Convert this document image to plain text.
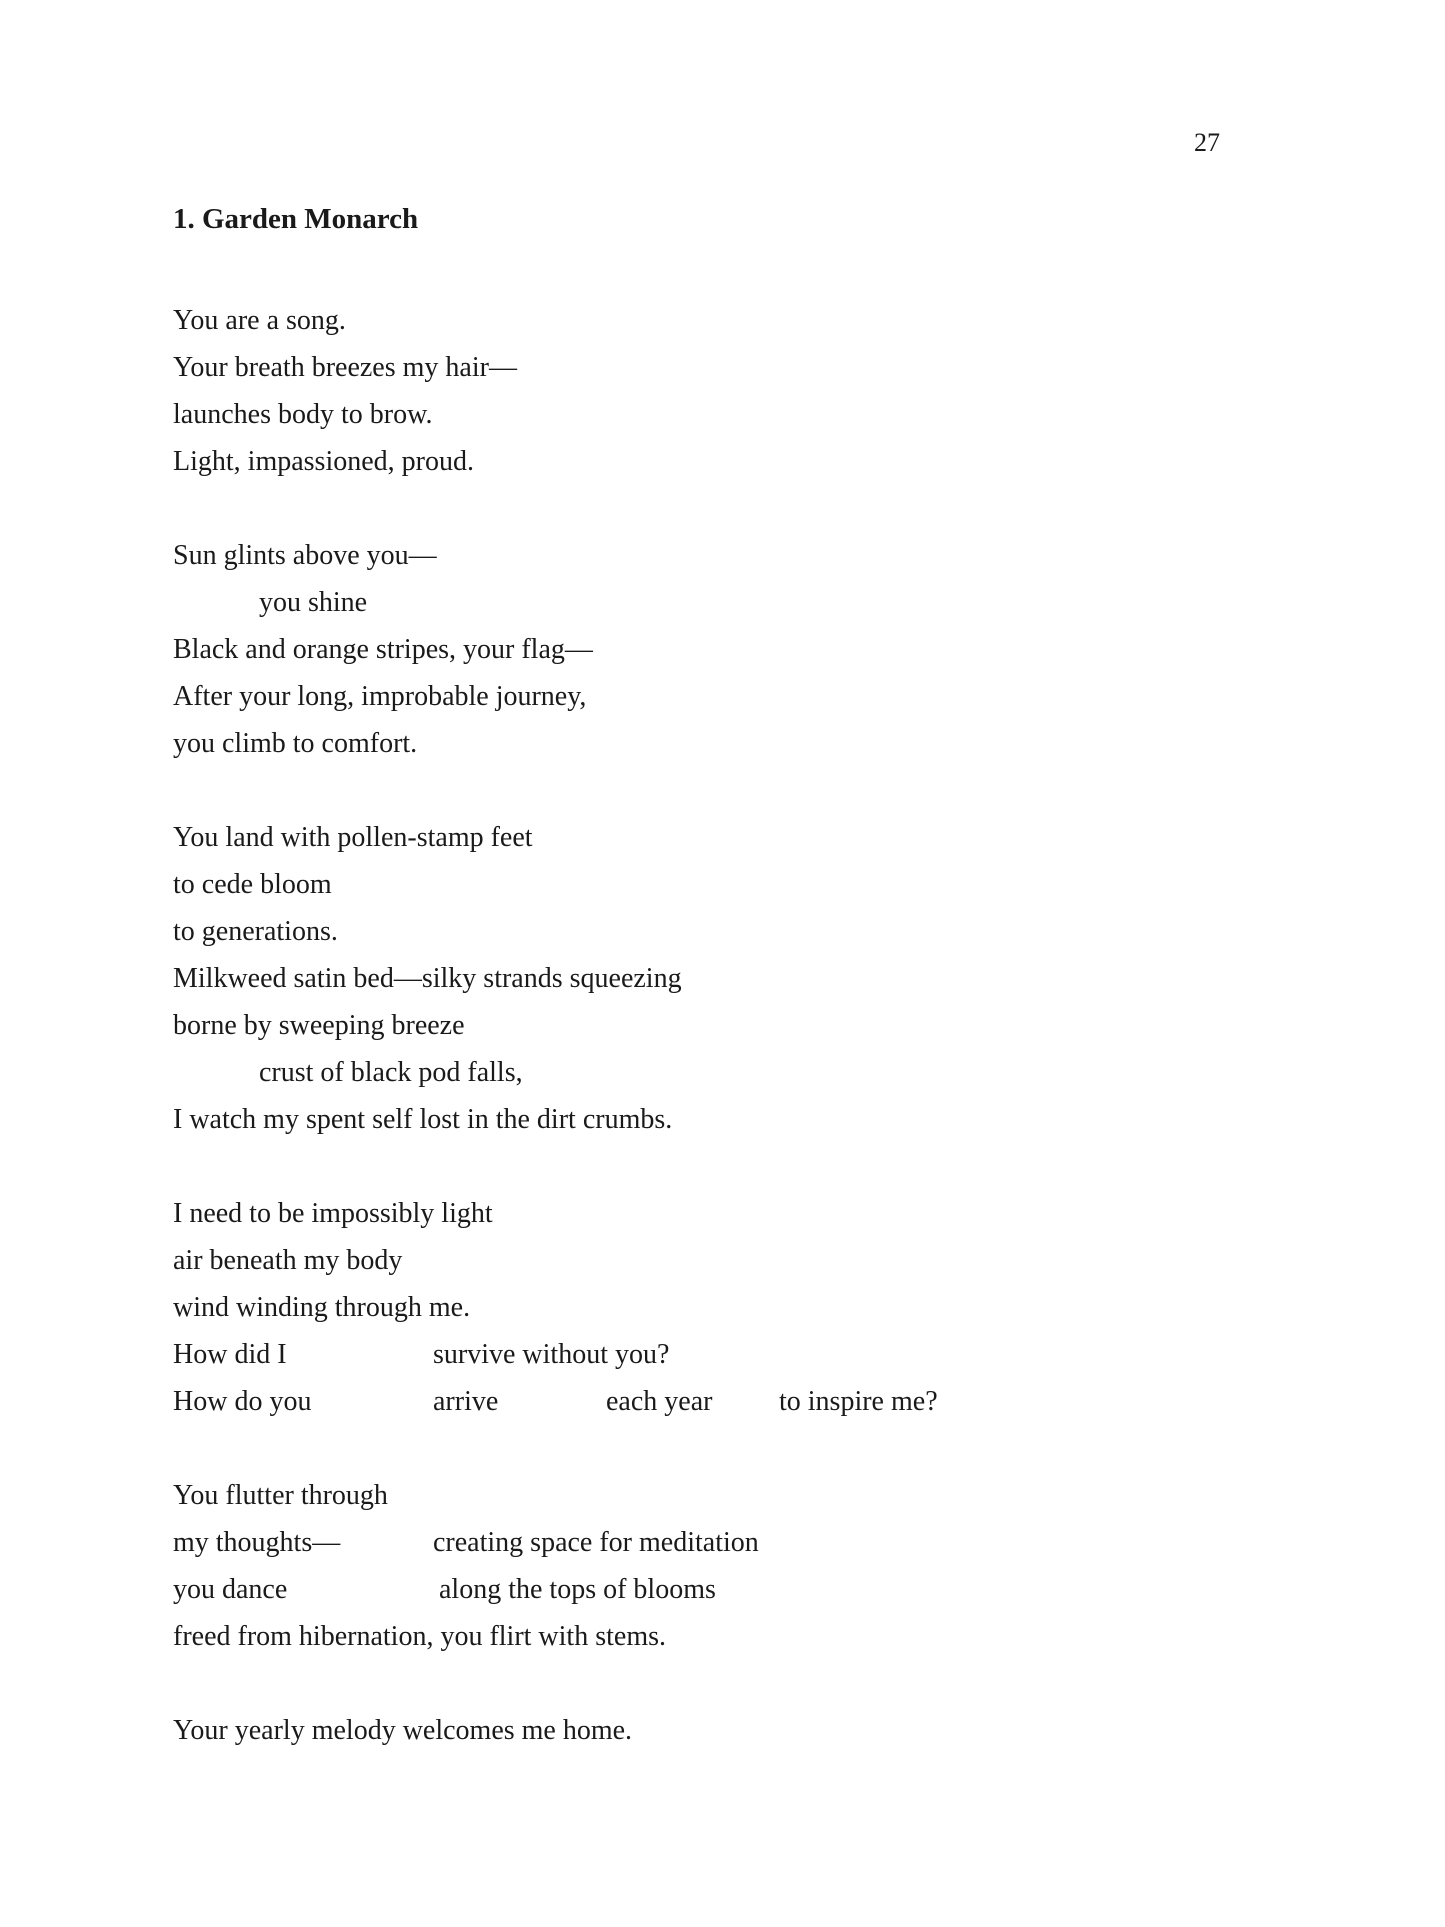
27
1. Garden Monarch
You are a song.
Your breath breezes my hair—
launches body to brow.
Light, impassioned, proud.
Sun glints above you—
you shine
Black and orange stripes, your flag—
After your long, improbable journey,
you climb to comfort.
You land with pollen-stamp feet
to cede bloom
to generations.
Milkweed satin bed—silky strands squeezing
borne by sweeping breeze
crust of black pod falls,
I watch my spent self lost in the dirt crumbs.
I need to be impossibly light
air beneath my body
wind winding through me.
How did I	survive without you?
How do you	arrive	each year to inspire me?
You flutter through
my thoughts—	creating space for meditation
you dance	along the tops of blooms
freed from hibernation, you flirt with stems.
Your yearly melody welcomes me home.
